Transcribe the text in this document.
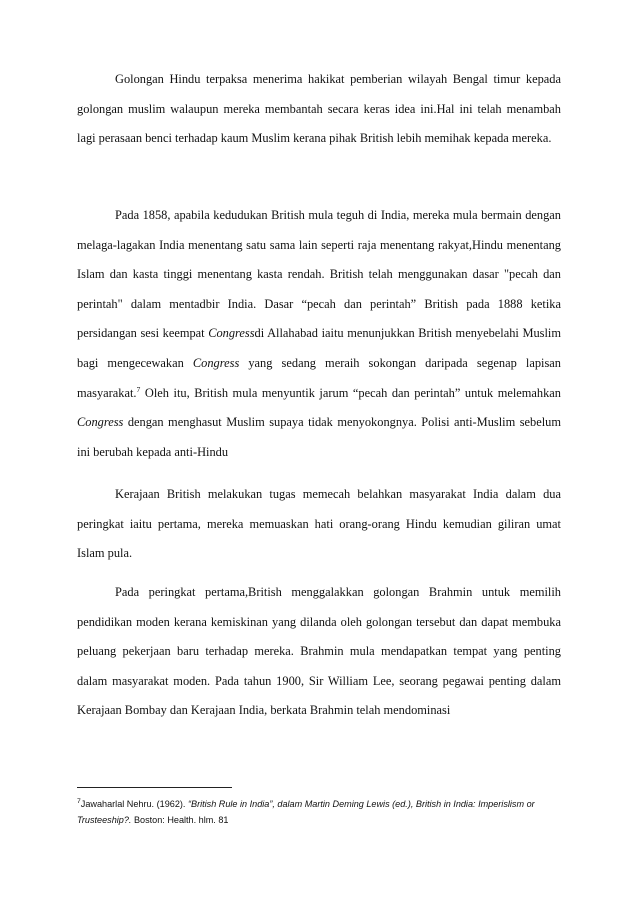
Golongan Hindu terpaksa menerima hakikat pemberian wilayah Bengal timur kepada golongan muslim walaupun mereka membantah secara keras idea ini.Hal ini telah menambah lagi perasaan benci terhadap kaum Muslim kerana pihak British lebih memihak kepada mereka.

Pada 1858, apabila kedudukan British mula teguh di India, mereka mula bermain dengan melaga-lagakan India menentang satu sama lain seperti raja menentang rakyat,Hindu menentang Islam dan kasta tinggi menentang kasta rendah. British telah menggunakan dasar "pecah dan perintah" dalam mentadbir India. Dasar “pecah dan perintah” British pada 1888 ketika persidangan sesi keempat Congressdi Allahabad iaitu menunjukkan British menyebelahi Muslim bagi mengecewakan Congress yang sedang meraih sokongan daripada segenap lapisan masyarakat.$^7$ Oleh itu, British mula menyuntik jarum “pecah dan perintah” untuk melemahkan Congress dengan menghasut Muslim supaya tidak menyokongnya. Polisi anti-Muslim sebelum ini berubah kepada anti-Hindu

Kerajaan British melakukan tugas memecah belahkan masyarakat India dalam dua peringkat iaitu pertama, mereka memuaskan hati orang-orang Hindu kemudian giliran umat Islam pula.

Pada peringkat pertama,British menggalakkan golongan Brahmin untuk memilih pendidikan moden kerana kemiskinan yang dilanda oleh golongan tersebut dan dapat membuka peluang pekerjaan baru terhadap mereka. Brahmin mula mendapatkan tempat yang penting dalam masyarakat moden. Pada tahun 1900, Sir William Lee, seorang pegawai penting dalam Kerajaan Bombay dan Kerajaan India, berkata Brahmin telah mendominasi

$^7$Jawaharlal Nehru. (1962). “British Rule in India”, dalam Martin Deming Lewis (ed.), British in India: Imperislism or Trusteeship?. Boston: Health. hlm. 81
